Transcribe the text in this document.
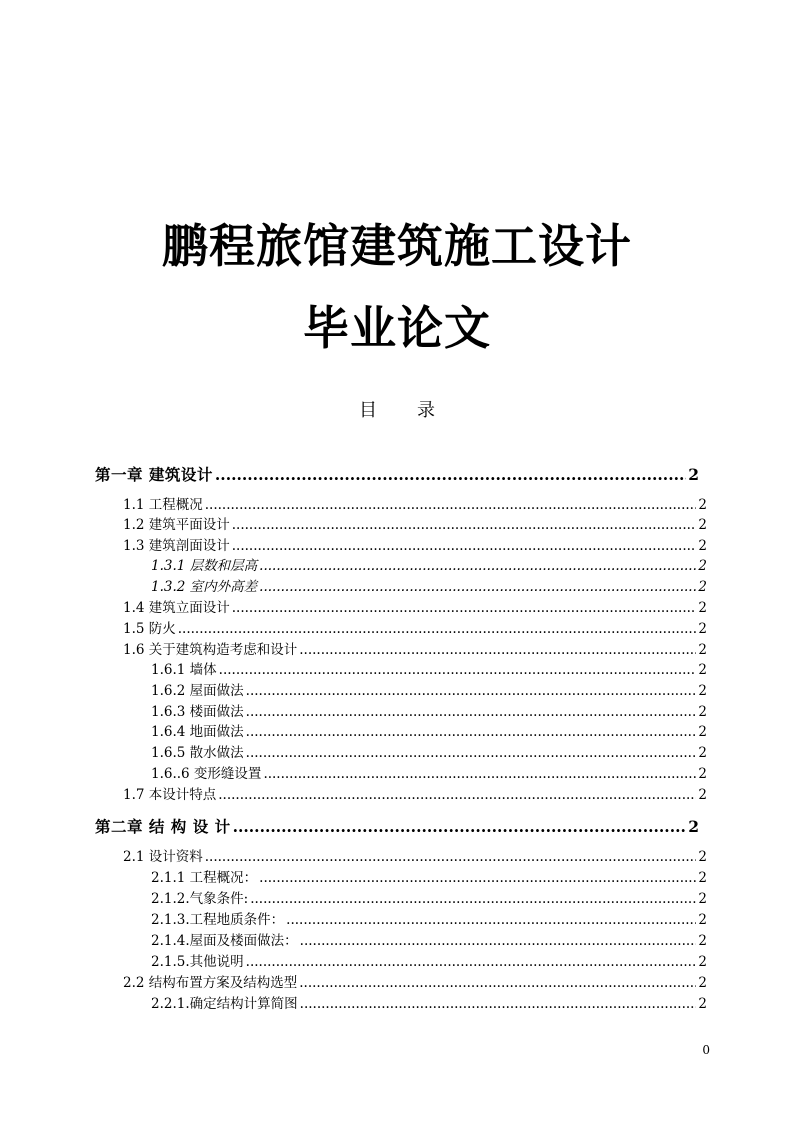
鹏程旅馆建筑施工设计
毕业论文
目录
第一章 建筑设计 .....	2
1.1 工程概况 .....	2
1.2 建筑平面设计 .....	2
1.3 建筑剖面设计 .....	2
1.3.1 层数和层高 .....	2
1.3.2 室内外高差 .....	2
1.4 建筑立面设计 .....	2
1.5 防火 .....	2
1.6 关于建筑构造考虑和设计 .....	2
1.6.1 墙体 .....	2
1.6.2 屋面做法 .....	2
1.6.3 楼面做法 .....	2
1.6.4 地面做法 .....	2
1.6.5 散水做法 .....	2
1.6..6 变形缝设置 .....	2
1.7 本设计特点 .....	2
第二章 结 构 设 计 .....	2
2.1 设计资料 .....	2
2.1.1 工程概况： .....	2
2.1.2.气象条件: .....	2
2.1.3.工程地质条件： .....	2
2.1.4.屋面及楼面做法： .....	2
2.1.5.其他说明 .....	2
2.2 结构布置方案及结构选型 .....	2
2.2.1.确定结构计算简图 .....	2
0
